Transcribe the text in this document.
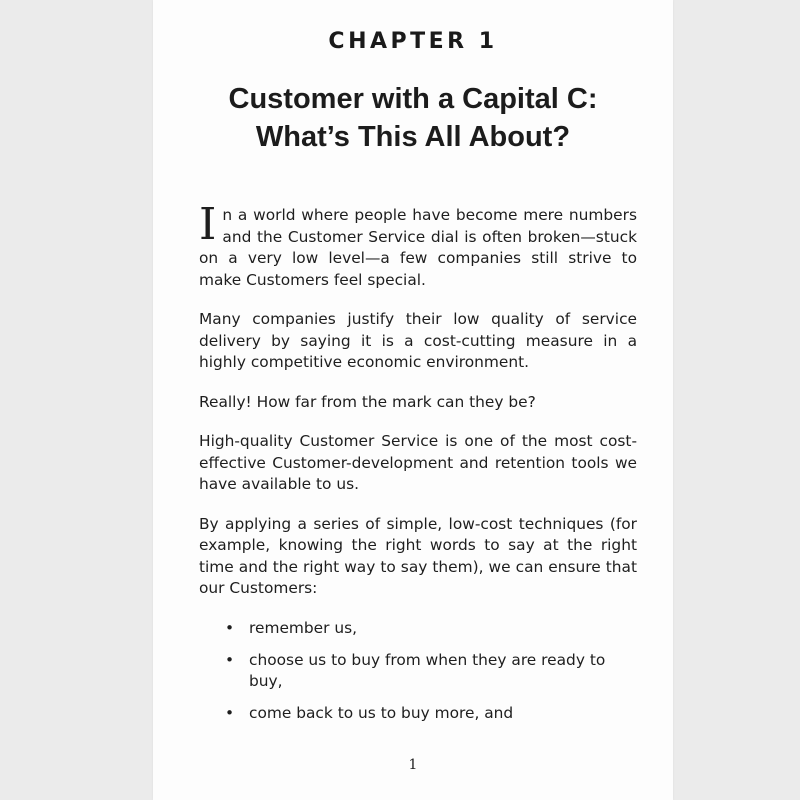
CHAPTER 1
Customer with a Capital C:
What’s This All About?

In a world where people have become mere numbers and the Customer Service dial is often broken—stuck on a very low level—a few companies still strive to make Customers feel special.

Many companies justify their low quality of service delivery by saying it is a cost-cutting measure in a highly competitive economic environment.

Really! How far from the mark can they be?

High-quality Customer Service is one of the most cost-effective Customer-development and retention tools we have available to us.

By applying a series of simple, low-cost techniques (for example, knowing the right words to say at the right time and the right way to say them), we can ensure that our Customers:

• remember us,
• choose us to buy from when they are ready to buy,
• come back to us to buy more, and
1
